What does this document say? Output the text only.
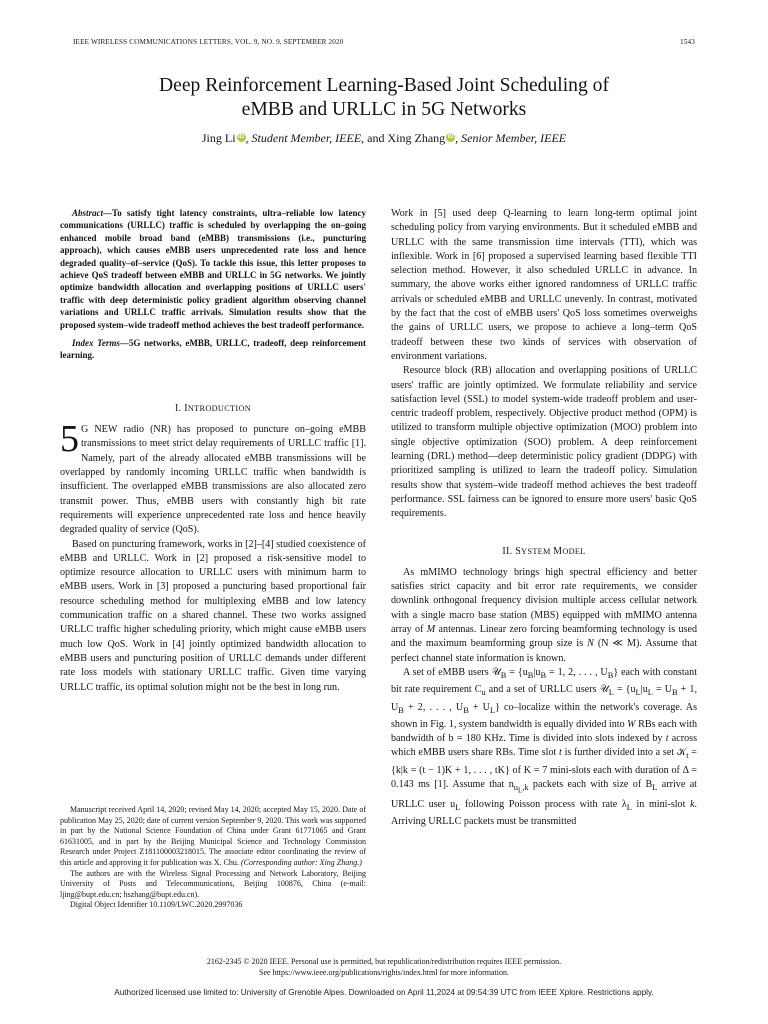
IEEE WIRELESS COMMUNICATIONS LETTERS, VOL. 9, NO. 9, SEPTEMBER 2020	1543
Deep Reinforcement Learning-Based Joint Scheduling of
eMBB and URLLC in 5G Networks
Jing Li iD , Student Member, IEEE, and Xing Zhang iD , Senior Member, IEEE

Abstract—To satisfy tight latency constraints, ultra–reliable low latency communications (URLLC) traffic is scheduled by overlapping the on–going enhanced mobile broad band (eMBB) transmissions (i.e., puncturing approach), which causes eMBB users unprecedented rate loss and hence degraded quality–of–service (QoS). To tackle this issue, this letter proposes to achieve QoS tradeoff between eMBB and URLLC in 5G networks. We jointly optimize bandwidth allocation and overlapping positions of URLLC users' traffic with deep deterministic policy gradient algorithm observing channel variations and URLLC traffic arrivals. Simulation results show that the proposed system–wide tradeoff method achieves the best tradeoff performance.

Index Terms—5G networks, eMBB, URLLC, tradeoff, deep reinforcement learning.

I. INTRODUCTION
5 G NEW radio (NR) has proposed to puncture on–going eMBB transmissions to meet strict delay requirements of URLLC traffic [1]. Namely, part of the already allocated eMBB transmissions will be overlapped by randomly incoming URLLC traffic when bandwidth is insufficient. The overlapped eMBB transmissions are also allocated zero transmit power. Thus, eMBB users with constantly high bit rate requirements will experience unprecedented rate loss and hence heavily degraded quality of service (QoS).
Based on puncturing framework, works in [2]–[4] studied coexistence of eMBB and URLLC. Work in [2] proposed a risk-sensitive model to optimize resource allocation to URLLC users with minimum harm to eMBB users. Work in [3] proposed a puncturing based proportional fair resource scheduling method for multiplexing eMBB and low latency communication traffic on a shared channel. These two works assigned URLLC traffic higher scheduling priority, which might cause eMBB users much low QoS. Work in [4] jointly optimized bandwidth allocation to eMBB users and puncturing position of URLLC demands under different rate loss models with stationary URLLC traffic. Given time varying URLLC traffic, its optimal solution might not be the best in long run.
Work in [5] used deep Q-learning to learn long-term optimal joint scheduling policy from varying environments. But it scheduled eMBB and URLLC with the same transmission time intervals (TTI), which was inflexible. Work in [6] proposed a supervised learning based flexible TTI selection method. However, it also scheduled URLLC in advance. In summary, the above works either ignored randomness of URLLC traffic arrivals or scheduled eMBB and URLLC unevenly. In contrast, motivated by the fact that the cost of eMBB users' QoS loss sometimes overweighs the gains of URLLC users, we propose to achieve a long–term QoS tradeoff between these two kinds of services with observation of environment variations.
Resource block (RB) allocation and overlapping positions of URLLC users' traffic are jointly optimized. We formulate reliability and service satisfaction level (SSL) to model system-wide tradeoff problem and user-centric tradeoff problem, respectively. Objective product method (OPM) is utilized to transform multiple objective optimization (MOO) problem into single objective optimization (SOO) problem. A deep reinforcement learning (DRL) method—deep deterministic policy gradient (DDPG) with prioritized sampling is utilized to learn the tradeoff policy. Simulation results show that system–wide tradeoff method achieves the best tradeoff performance. SSL fairness can be ignored to ensure more users' basic QoS requirements.
II. SYSTEM MODEL
As mMIMO technology brings high spectral efficiency and better satisfies strict capacity and bit error rate requirements, we consider downlink orthogonal frequency division multiple access cellular network with a single macro base station (MBS) equipped with mMIMO antenna array of M antennas. Linear zero forcing beamforming technology is used and the maximum beamforming group size is N (N ≪ M). Assume that perfect channel state information is known.
A set of eMBB users 𝒰$_B$ = {$u_B|u_B = 1$, 2, . . . , $U_B$} each with constant bit rate requirement $C_u$ and a set of URLLC users 𝒰$_L$ = {$u_L|u_L = U_B + 1$, $U_B + 2$, . . . , $U_B + U_L$} co–localize within the network's coverage. As shown in Fig. 1, system bandwidth is equally divided into W RBs each with bandwidth of b = 180 KHz. Time is divided into slots indexed by t across which eMBB users share RBs. Time slot t is further divided into a set 𝒦$_t$ = {k|k = (t − 1)K + 1, . . . , tK} of K = 7 mini-slots each with duration of Δ = 0.143 ms [1]. Assume that $n_{u_L,k}$ packets each with size of $B_L$ arrive at URLLC user $u_L$ following Poisson process with rate $\lambda_L$ in mini-slot k. Arriving URLLC packets must be transmitted

Manuscript received April 14, 2020; revised May 14, 2020; accepted May 15, 2020. Date of publication May 25, 2020; date of current version September 9, 2020. This work was supported in part by the National Science Foundation of China under Grant 61771065 and Grant 61631005, and in part by the Beijing Municipal Science and Technology Commission Research under Project Z181100003218015. The associate editor coordinating the review of this article and approving it for publication was X. Chu. (Corresponding author: Xing Zhang.)

The authors are with the Wireless Signal Processing and Network Laboratory, Beijing University of Posts and Telecommunications, Beijing 100876, China (e-mail: ljing@bupt.edu.cn; hszhang@bupt.edu.cn).

Digital Object Identifier 10.1109/LWC.2020.2997036

2162-2345 © 2020 IEEE. Personal use is permitted, but republication/redistribution requires IEEE permission.
See https://www.ieee.org/publications/rights/index.html for more information.
Authorized licensed use limited to: University of Grenoble Alpes. Downloaded on April 11,2024 at 09:54:39 UTC from IEEE Xplore. Restrictions apply.
